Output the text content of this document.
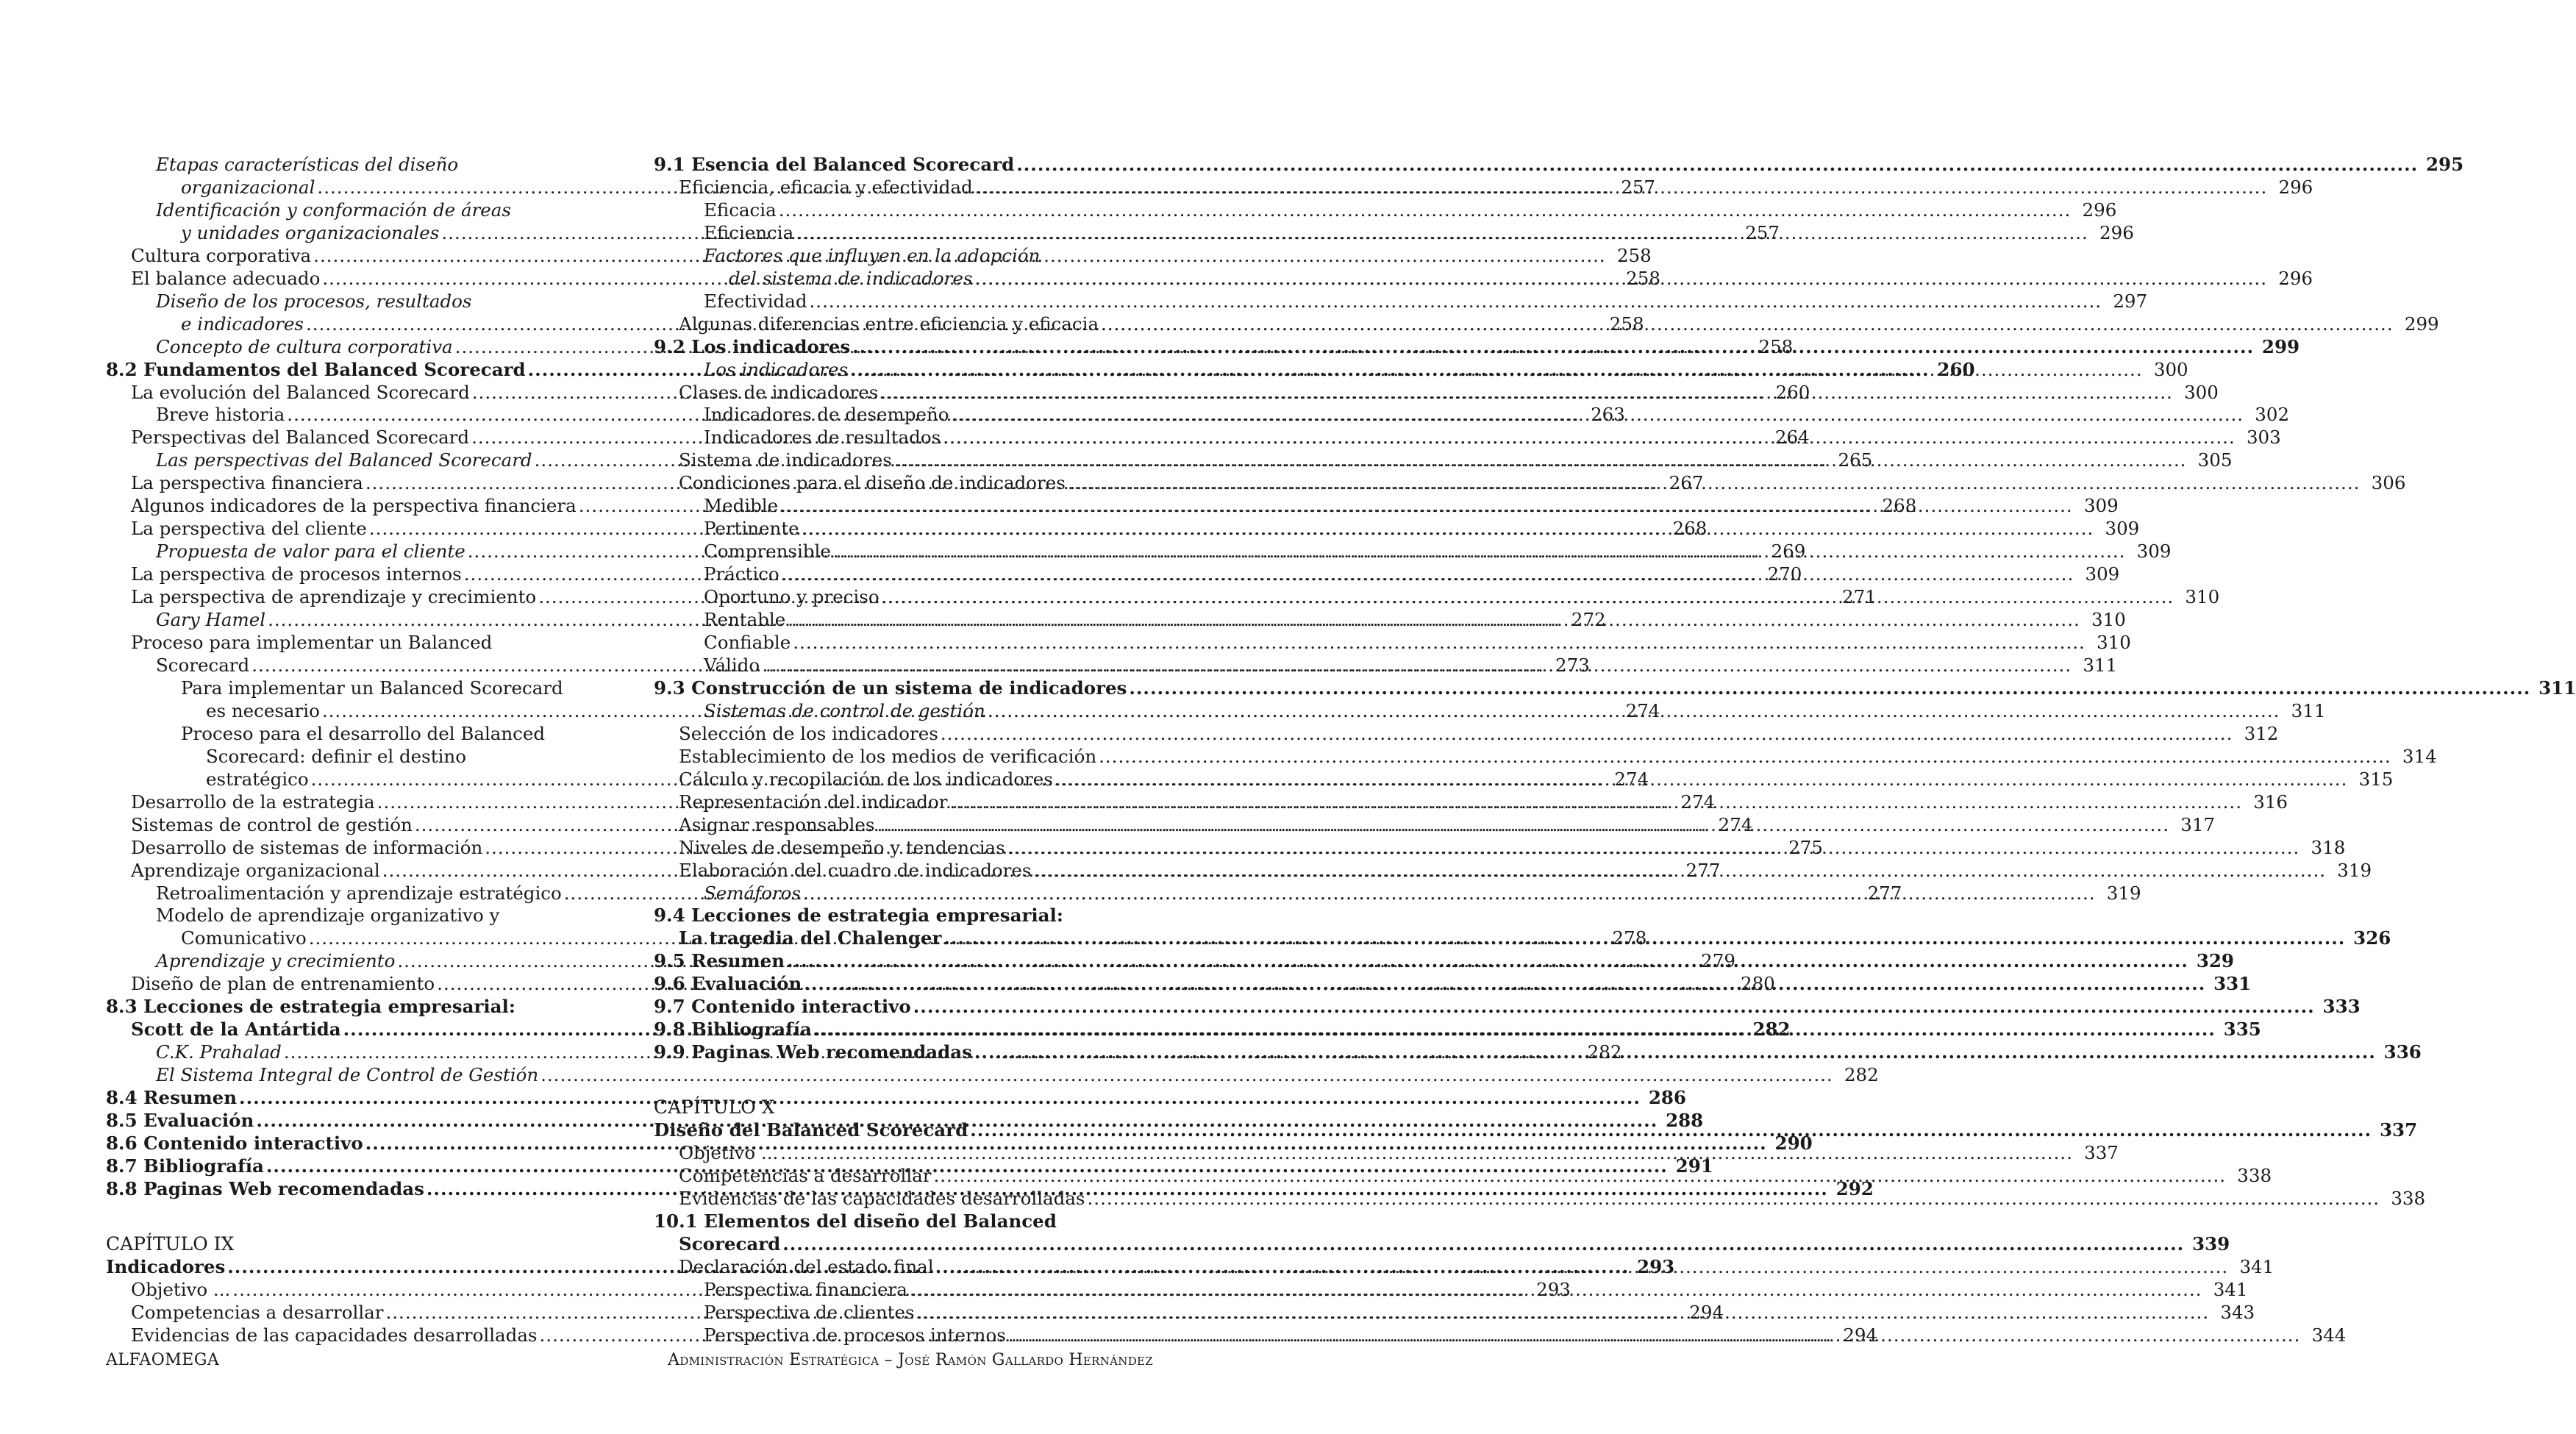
Etapas características del diseño
organizacional .....	257
Identificación y conformación de áreas
y unidades organizacionales .....	257
Cultura corporativa .....	258
El balance adecuado .....	258
Diseño de los procesos, resultados
e indicadores .....	258
Concepto de cultura corporativa .....	258
8.2 Fundamentos del Balanced Scorecard .....	260
La evolución del Balanced Scorecard .....	260
Breve historia .....	263
Perspectivas del Balanced Scorecard .....	264
Las perspectivas del Balanced Scorecard .....	265
La perspectiva financiera .....	267
Algunos indicadores de la perspectiva financiera .....	268
La perspectiva del cliente .....	268
Propuesta de valor para el cliente .....	269
La perspectiva de procesos internos .....	270
La perspectiva de aprendizaje y crecimiento .....	271
Gary Hamel .....	272
Proceso para implementar un Balanced
Scorecard .....	273
Para implementar un Balanced Scorecard
es necesario .....	274
Proceso para el desarrollo del Balanced
Scorecard: definir el destino
estratégico .....	274
Desarrollo de la estrategia .....	274
Sistemas de control de gestión .....	274
Desarrollo de sistemas de información .....	275
Aprendizaje organizacional .....	277
Retroalimentación y aprendizaje estratégico .....	277
Modelo de aprendizaje organizativo y
Comunicativo .....	278
Aprendizaje y crecimiento .....	279
Diseño de plan de entrenamiento .....	280
8.3 Lecciones de estrategia empresarial:
Scott de la Antártida .....	282
C.K. Prahalad .....	282
El Sistema Integral de Control de Gestión .....	282
8.4 Resumen .....	286
8.5 Evaluación .....	288
8.6 Contenido interactivo .....	290
8.7 Bibliografía .....	291
8.8 Paginas Web recomendadas .....	292
CAPÍTULO IX
Indicadores .....	293
Objetivo ... .....	293
Competencias a desarrollar .....	294
Evidencias de las capacidades desarrolladas .....	294
9.1 Esencia del Balanced Scorecard .....	295
Eficiencia, eficacia y efectividad .....	296
Eficacia .....	296
Eficiencia .....	296
Factores que influyen en la adopción
del sistema de indicadores .....	296
Efectividad .....	297
Algunas diferencias entre eficiencia y eficacia .....	299
9.2 Los indicadores .....	299
Los indicadores .....	300
Clases de indicadores .....	300
Indicadores de desempeño .....	302
Indicadores de resultados .....	303
Sistema de indicadores .....	305
Condiciones para el diseño de indicadores .....	306
Medible .....	309
Pertinente .....	309
Comprensible .....	309
Práctico .....	309
Oportuno y preciso .....	310
Rentable .....	310
Confiable .....	310
Válido .. .....	311
9.3 Construcción de un sistema de indicadores .....	311
Sistemas de control de gestión .....	311
Selección de los indicadores .....	312
Establecimiento de los medios de verificación .....	314
Cálculo y recopilación de los indicadores .....	315
Representación del indicador .....	316
Asignar responsables .....	317
Niveles de desempeño y tendencias .....	318
Elaboración del cuadro de indicadores .....	319
Semáforos .....	319
9.4 Lecciones de estrategia empresarial:
La tragedia del Chalenger .....	326
9.5 Resumen .....	329
9.6 Evaluación .....	331
9.7 Contenido interactivo .....	333
9.8 Bibliografía .....	335
9.9 Paginas Web recomendadas .....	336
CAPÍTULO X
Diseño del Balanced Scorecard .....	337
Objetivo ... .....	337
Competencias a desarrollar .....	338
Evidencias de las capacidades desarrolladas .....	338
10.1 Elementos del diseño del Balanced
Scorecard .....	339
Declaración del estado final .....	341
Perspectiva financiera .....	341
Perspectiva de clientes .....	343
Perspectiva de procesos internos .....	344
ALFAOMEGA	Administración Estratégica – José Ramón Gallardo Hernández
